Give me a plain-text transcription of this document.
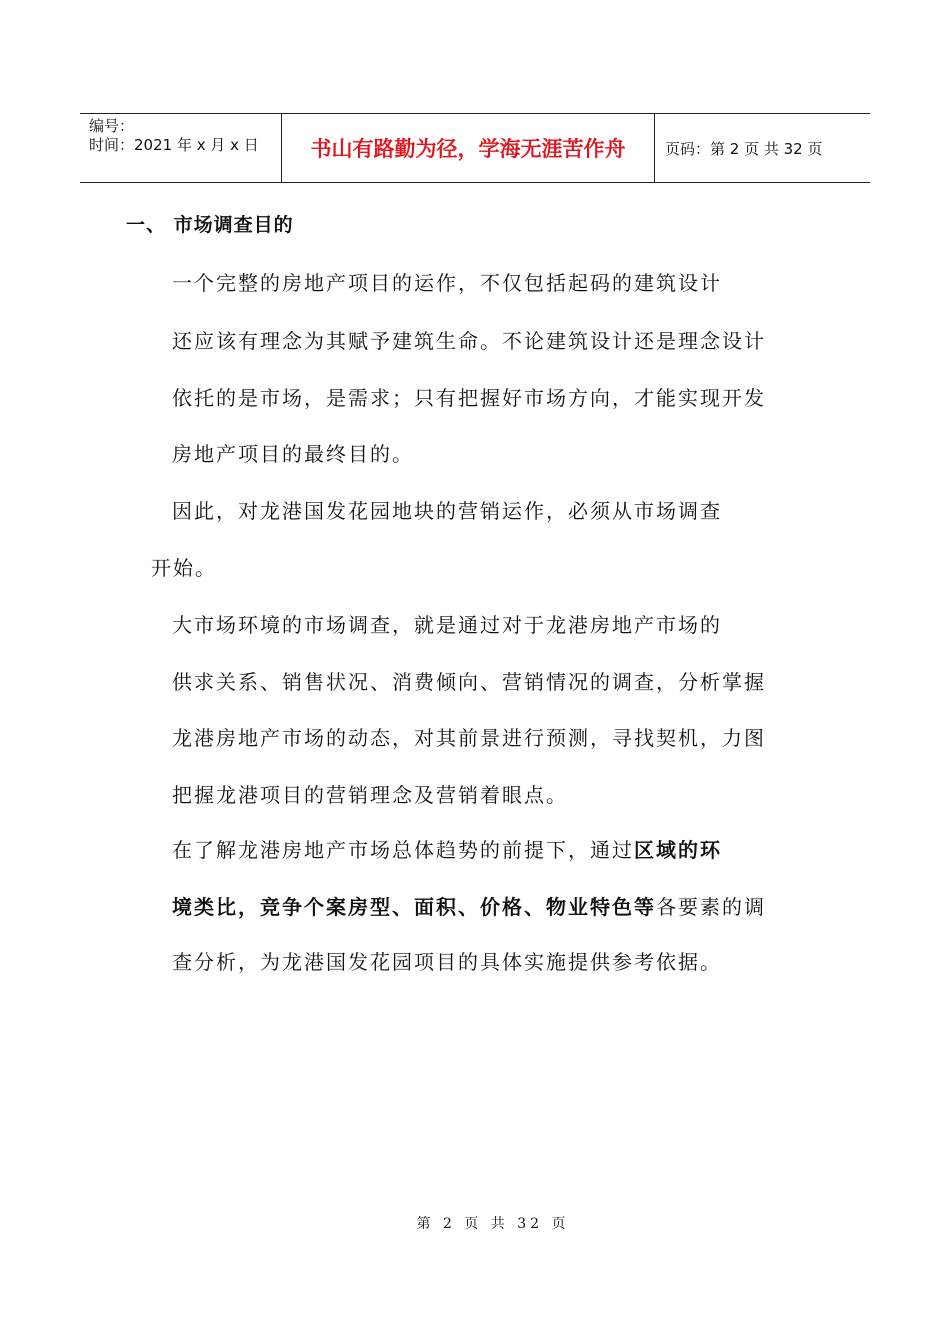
编号：
时间：2021 年 x 月 x 日	书山有路勤为径，学海无涯苦作舟	页码：第 2 页 共 32 页
一、 市场调查目的
一个完整的房地产项目的运作，不仅包括起码的建筑设计
还应该有理念为其赋予建筑生命。不论建筑设计还是理念设计
依托的是市场，是需求；只有把握好市场方向，才能实现开发
房地产项目的最终目的。
因此，对龙港国发花园地块的营销运作，必须从市场调查
开始。
大市场环境的市场调查，就是通过对于龙港房地产市场的
供求关系、销售状况、消费倾向、营销情况的调查，分析掌握
龙港房地产市场的动态，对其前景进行预测，寻找契机，力图
把握龙港项目的营销理念及营销着眼点。
在了解龙港房地产市场总体趋势的前提下，通过区域的环
境类比，竞争个案房型、面积、价格、物业特色等各要素的调
查分析，为龙港国发花园项目的具体实施提供参考依据。
第 2 页 共 32 页
